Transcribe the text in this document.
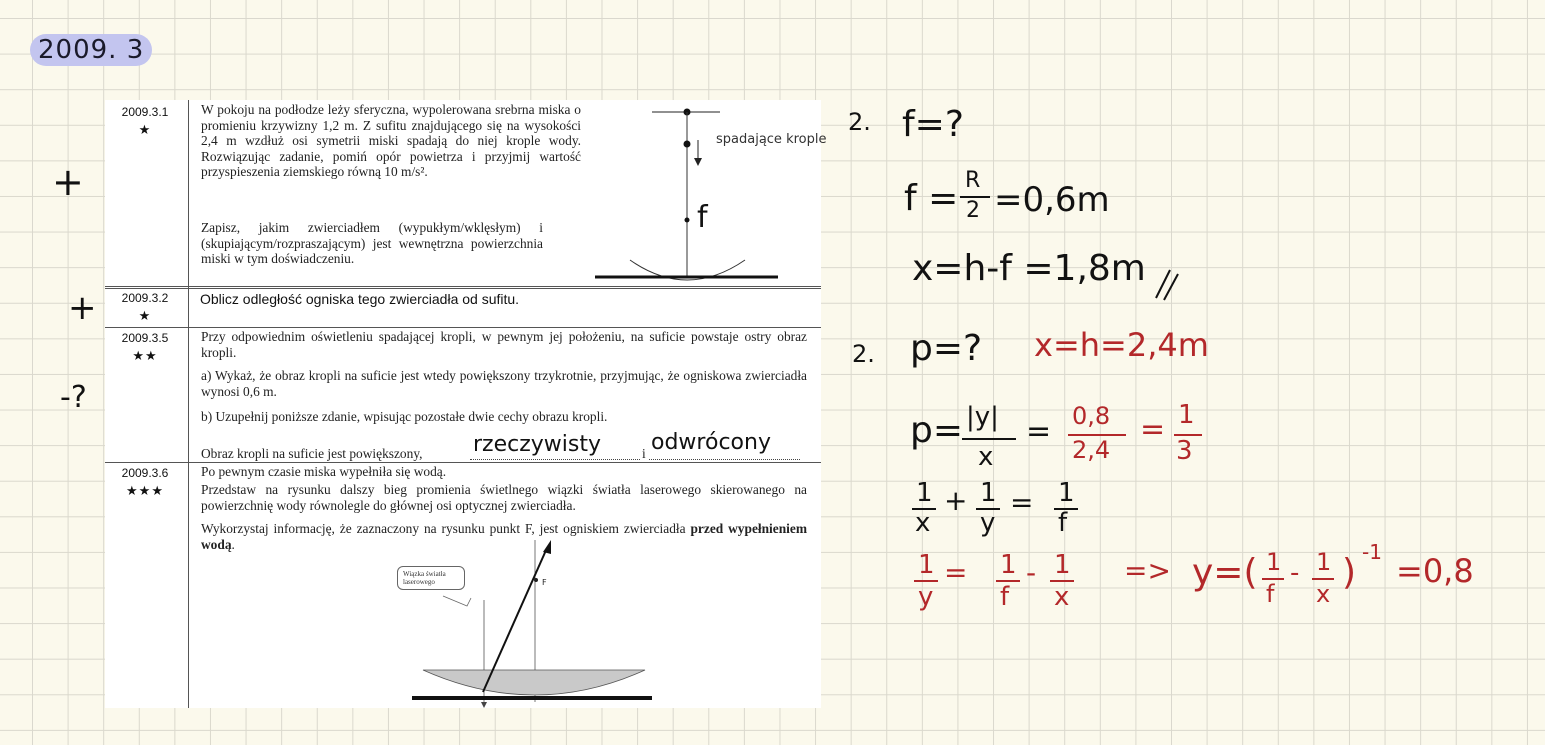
2009. 3
+
+
-?
2009.3.1
★
W pokoju na podłodze leży sferyczna, wypolerowana srebrna miska o promieniu krzywizny 1,2 m. Z sufitu znajdującego się na wysokości 2,4 m wzdłuż osi symetrii miski spadają do niej krople wody. Rozwiązując zadanie, pomiń opór powietrza i przyjmij wartość przyspieszenia ziemskiego równą 10 m/s².
Zapisz, jakim zwierciadłem (wypukłym/wklęsłym) i (skupiającym/rozpraszającym) jest wewnętrzna powierzchnia miski w tym doświadczeniu.
spadające krople
f
2009.3.2
★
Oblicz odległość ogniska tego zwierciadła od sufitu.
2009.3.5
★★
Przy odpowiednim oświetleniu spadającej kropli, w pewnym jej położeniu, na suficie powstaje ostry obraz kropli.
a) Wykaż, że obraz kropli na suficie jest wtedy powiększony trzykrotnie, przyjmując, że ogniskowa zwierciadła wynosi 0,6 m.
b) Uzupełnij poniższe zdanie, wpisując pozostałe dwie cechy obrazu kropli.
Obraz kropli na suficie jest powiększony,	i
rzeczywisty odwrócony
2009.3.6
★★★
Po pewnym czasie miska wypełniła się wodą.
Przedstaw na rysunku dalszy bieg promienia świetlnego wiązki światła laserowego skierowanego na powierzchnię wody równolegle do głównej osi optycznej zwierciadła.
Wykorzystaj informację, że zaznaczony na rysunku punkt F, jest ogniskiem zwierciadła przed wypełnieniem wodą.
Wiązka światła laserowego	F
2. f=?
f = R
2 =0,6m
x=h-f =1,8m
2. p=? x=h=2,4m
p= |y|
x
= 0,8
2,4
= 1
3
1
x
+ 1
y
= 1
f
1
y
= 1
f
- 1
x
=> y=( 1
f
- 1
x
) -1 =0,8
